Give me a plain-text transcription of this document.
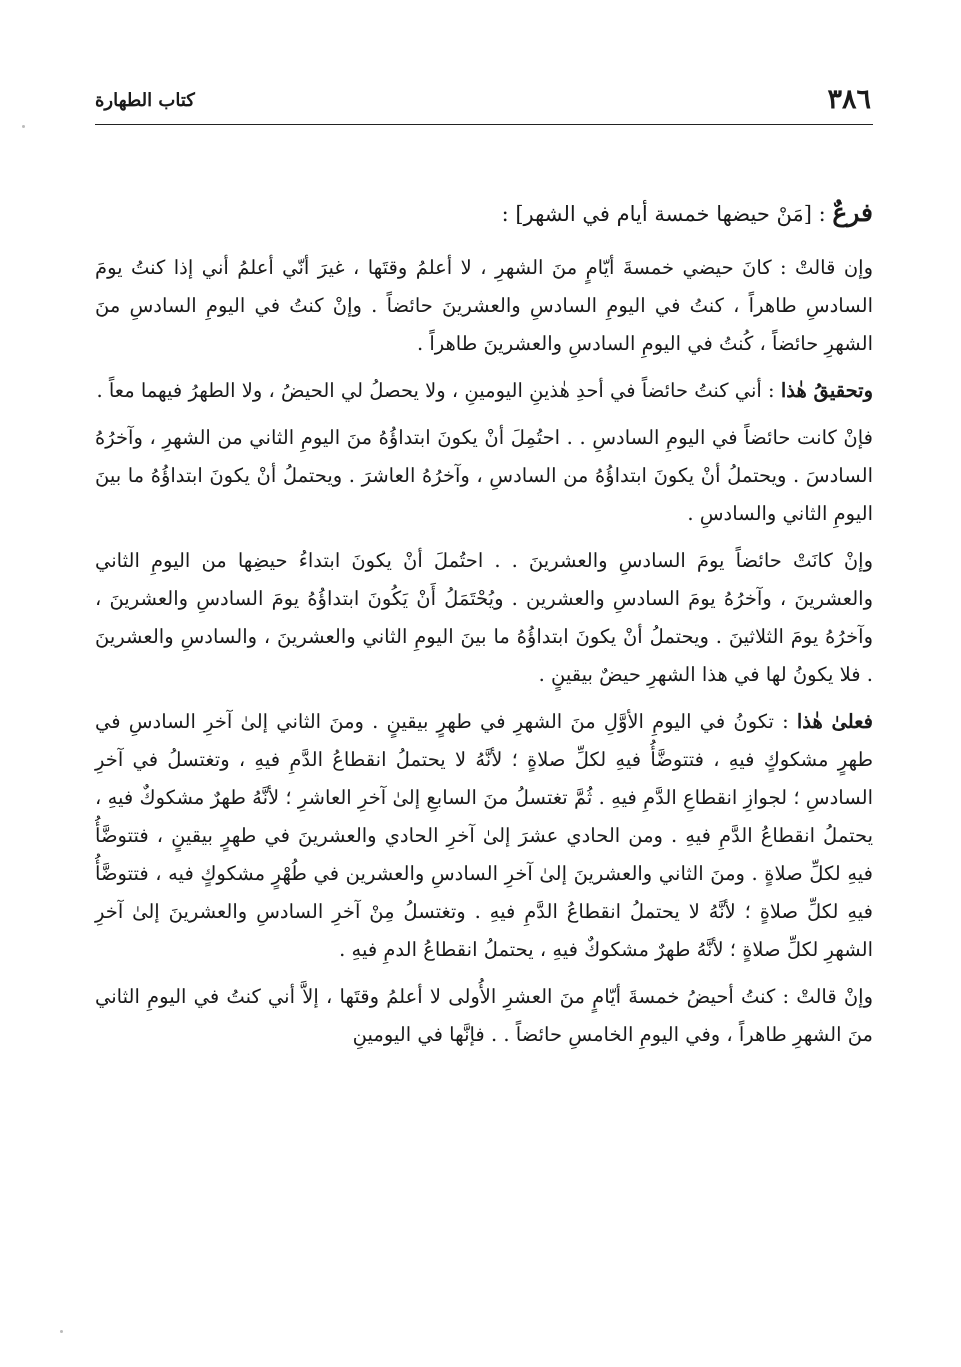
٣٨٦
كتاب الطهارة

فرعٌ : [مَنْ حيضها خمسة أيام في الشهر] :

وإن قالتْ : كانَ حيضي خمسةَ أيّامٍ منَ الشهرِ ، لا أعلمُ وقتَها ، غيرَ أنّي أعلمُ أني إذا كنتُ يومَ السادسِ طاهراً ، كنتُ في اليومِ السادسِ والعشرينَ حائضاً . وإنْ كنتُ في اليومِ السادسِ منَ الشهرِ حائضاً ، كُنتُ في اليومِ السادسِ والعشرينَ طاهراً .

وتحقيقُ هٰذا : أني كنتُ حائضاً في أحدِ هٰذينِ اليومينِ ، ولا يحصلُ لي الحيضُ ، ولا الطهرُ فيهما معاً .

فإنْ كانت حائضاً في اليومِ السادسِ . . احتُمِلَ أنْ يكونَ ابتداؤُهُ منَ اليومِ الثاني من الشهرِ ، وآخرُهُ السادسَ . ويحتملُ أنْ يكونَ ابتداؤُهُ من السادسِ ، وآخرُهُ العاشرَ . ويحتملُ أنْ يكونَ ابتداؤُهُ ما بينَ اليومِ الثاني والسادسِ .

وإنْ كانَتْ حائضاً يومَ السادسِ والعشرينَ . . احتُملَ أنْ يكونَ ابتداءُ حيضِها من اليومِ الثاني والعشرينَ ، وآخرُهُ يومَ السادسِ والعشرين . ويُحْتَمَلُ أَنْ يَكُونَ ابتداؤُهُ يومَ السادسِ والعشرينَ ، وآخرُهُ يومَ الثلاثينَ . ويحتملُ أنْ يكونَ ابتداؤُهُ ما بينَ اليومِ الثاني والعشرينَ ، والسادسِ والعشرينَ . فلا يكونُ لها في هذا الشهرِ حيضٌ بيقينٍ .

فعلىٰ هٰذا : تكونُ في اليومِ الأوَّلِ منَ الشهرِ في طهرٍ بيقينٍ . ومنَ الثاني إلىٰ آخرِ السادسِ في طهرٍ مشكوكٍ فيهِ ، فتتوضَّأُ فيهِ لكلِّ صلاةٍ ؛ لأنَّهُ لا يحتملُ انقطاعُ الدَّمِ فيهِ ، وتغتسلُ في آخرِ السادسِ ؛ لجوازِ انقطاعِ الدَّمِ فيهِ . ثُمَّ تغتسلُ منَ السابعِ إلىٰ آخرِ العاشرِ ؛ لأنَّهُ طهرٌ مشكوكٌ فيهِ ، يحتملُ انقطاعُ الدَّمِ فيهِ . ومن الحادي عشرَ إلىٰ آخرِ الحادي والعشرينَ في طهرٍ بيقينٍ ، فتتوضَّأُ فيهِ لكلِّ صلاةٍ . ومنَ الثاني والعشرينَ إلىٰ آخرِ السادسِ والعشرين في طُهْرٍ مشكوكٍ فيه ، فتتوضَّأُ فيهِ لكلِّ صلاةٍ ؛ لأنَّهُ لا يحتملُ انقطاعُ الدَّمِ فيهِ . وتغتسلُ مِنْ آخرِ السادسِ والعشرينَ إلىٰ آخرِ الشهرِ لكلِّ صلاةٍ ؛ لأنَّهُ طهرٌ مشكوكٌ فيهِ ، يحتملُ انقطاعُ الدمِ فيهِ .

وإنْ قالتْ : كنتُ أحيضُ خمسةَ أيّامٍ منَ العشرِ الأُولى لا أعلمُ وقتَها ، إلاَّ أني كنتُ في اليومِ الثاني منَ الشهرِ طاهراً ، وفي اليومِ الخامسِ حائضاً . . فإنَّها في اليومينِ
